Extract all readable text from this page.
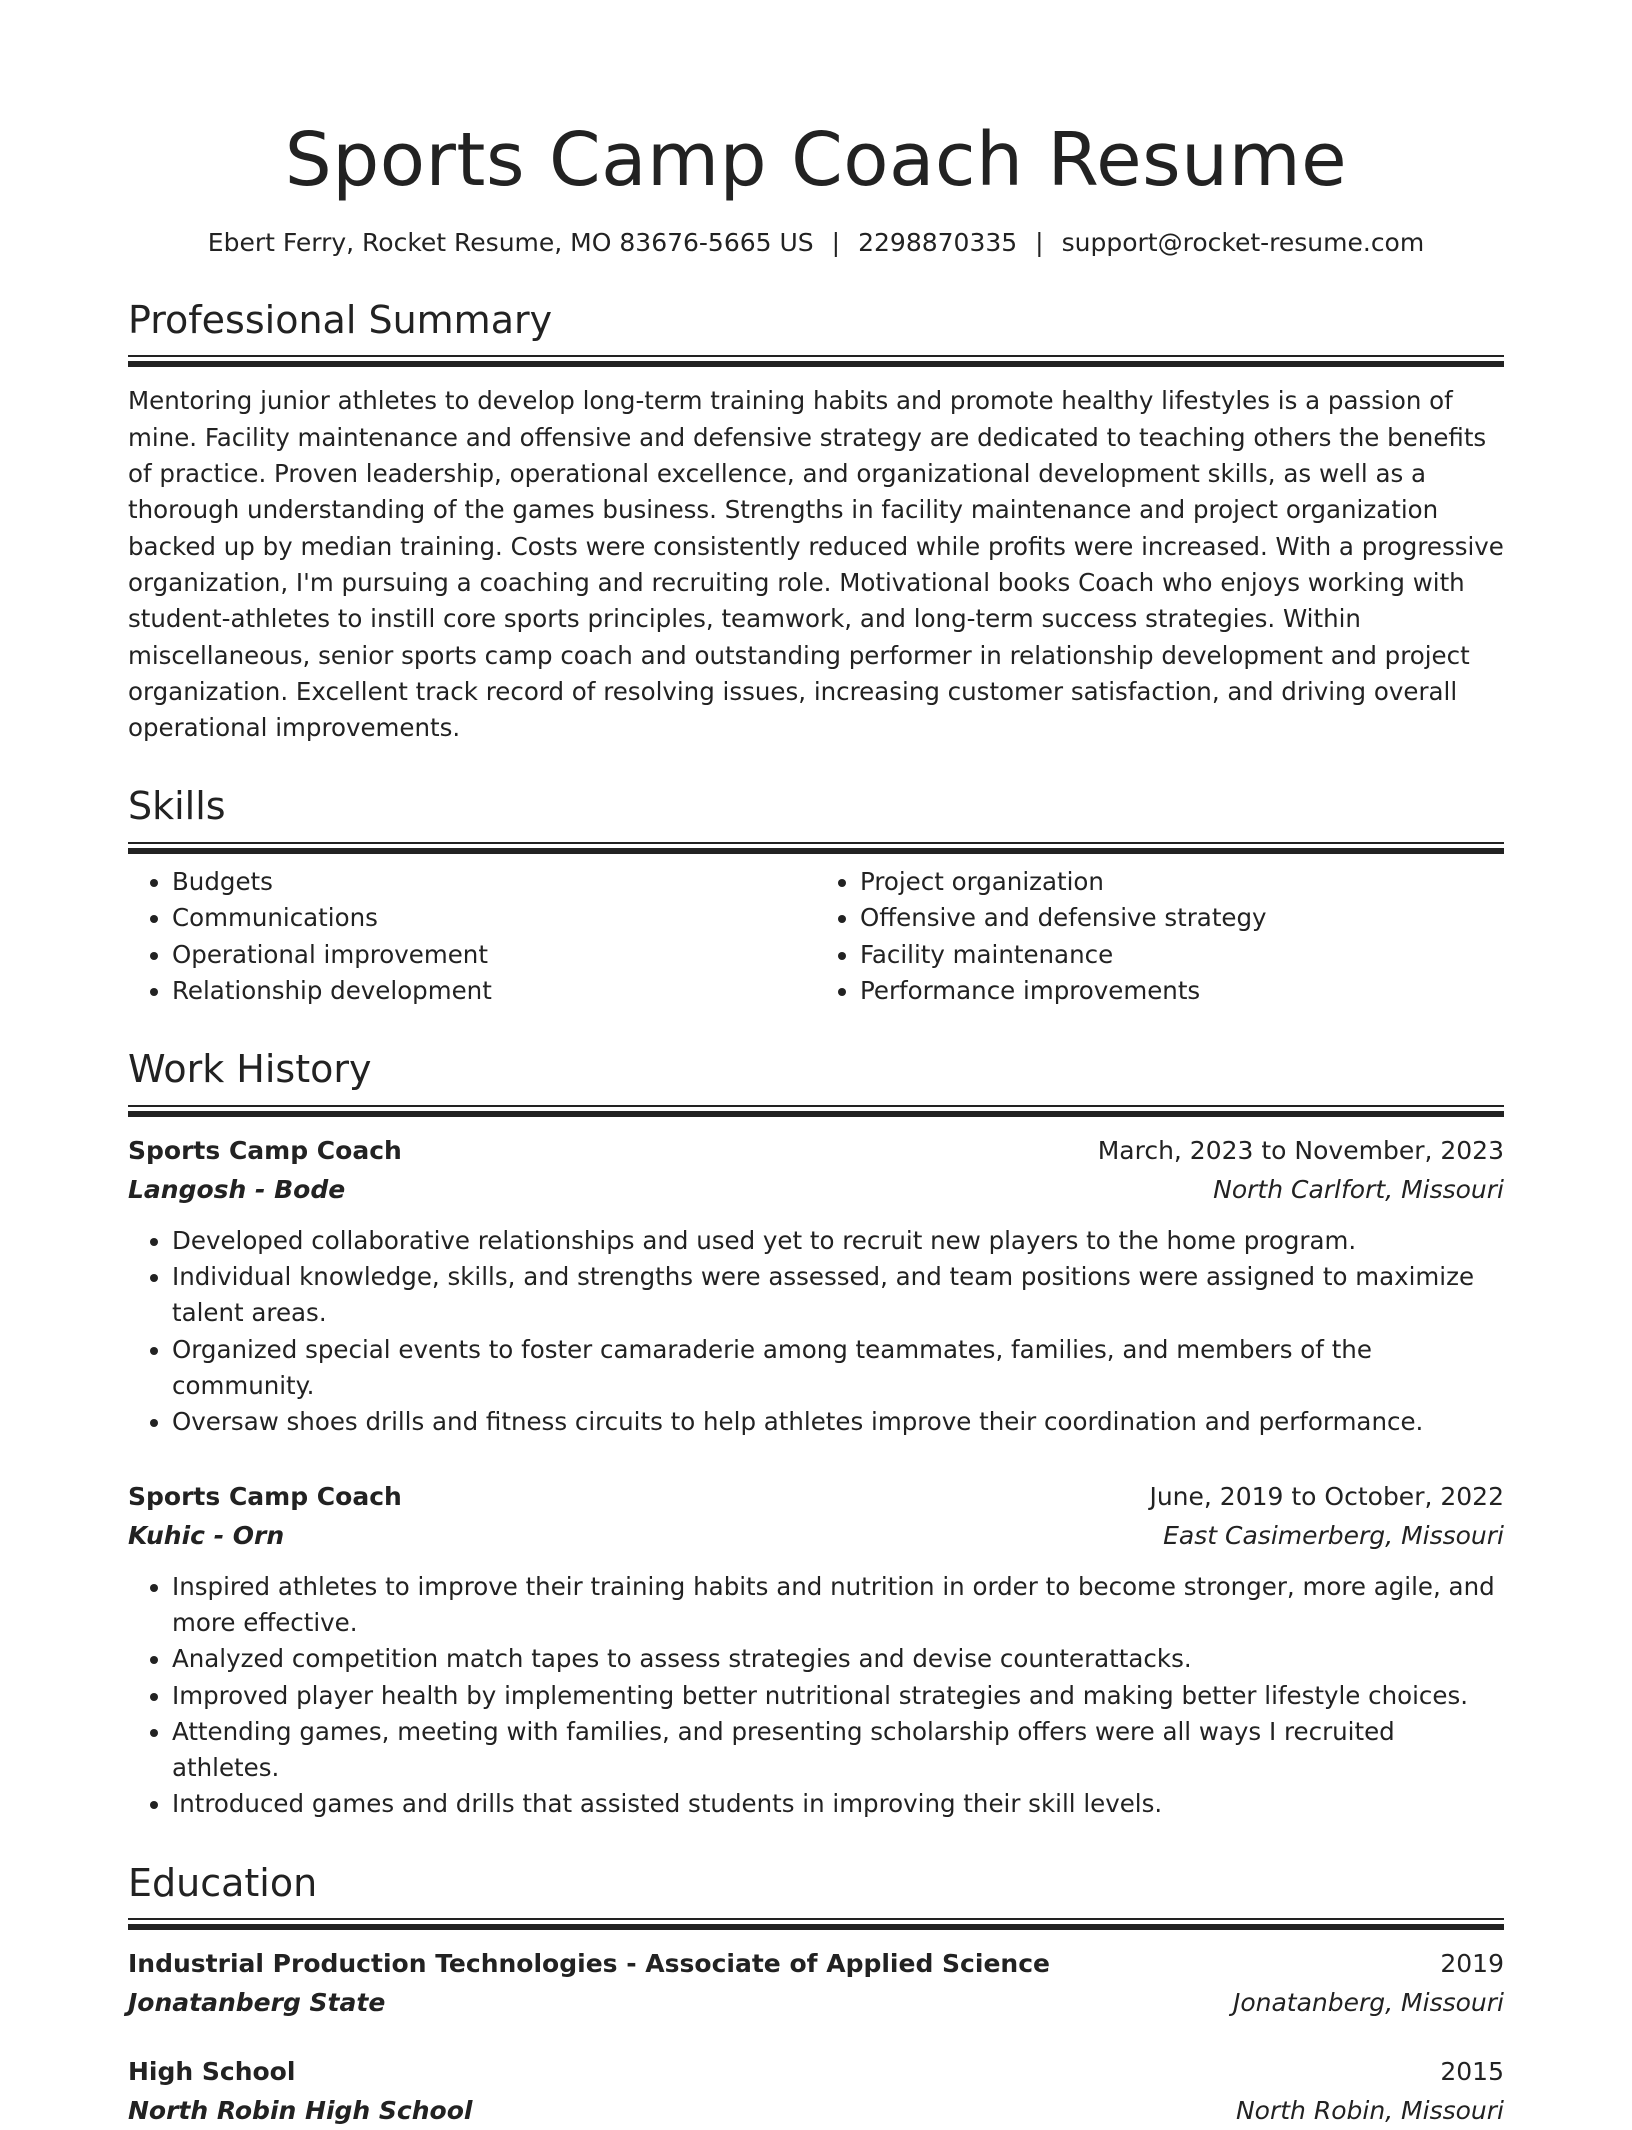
Sports Camp Coach Resume
Ebert Ferry, Rocket Resume, MO 83676-5665 US | 2298870335 | support@rocket-resume.com
Professional Summary
Mentoring junior athletes to develop long-term training habits and promote healthy lifestyles is a passion of mine. Facility maintenance and offensive and defensive strategy are dedicated to teaching others the benefits of practice. Proven leadership, operational excellence, and organizational development skills, as well as a thorough understanding of the games business. Strengths in facility maintenance and project organization backed up by median training. Costs were consistently reduced while profits were increased. With a progressive organization, I'm pursuing a coaching and recruiting role. Motivational books Coach who enjoys working with student-athletes to instill core sports principles, teamwork, and long-term success strategies. Within miscellaneous, senior sports camp coach and outstanding performer in relationship development and project organization. Excellent track record of resolving issues, increasing customer satisfaction, and driving overall operational improvements.
Skills
• Budgets
• Communications
• Operational improvement
• Relationship development
• Project organization
• Offensive and defensive strategy
• Facility maintenance
• Performance improvements
Work History
Sports Camp Coach	March, 2023 to November, 2023
Langosh - Bode	North Carlfort, Missouri
• Developed collaborative relationships and used yet to recruit new players to the home program.
• Individual knowledge, skills, and strengths were assessed, and team positions were assigned to maximize talent areas.
• Organized special events to foster camaraderie among teammates, families, and members of the community.
• Oversaw shoes drills and fitness circuits to help athletes improve their coordination and performance.
Sports Camp Coach	June, 2019 to October, 2022
Kuhic - Orn	East Casimerberg, Missouri
• Inspired athletes to improve their training habits and nutrition in order to become stronger, more agile, and more effective.
• Analyzed competition match tapes to assess strategies and devise counterattacks.
• Improved player health by implementing better nutritional strategies and making better lifestyle choices.
• Attending games, meeting with families, and presenting scholarship offers were all ways I recruited athletes.
• Introduced games and drills that assisted students in improving their skill levels.
Education
Industrial Production Technologies - Associate of Applied Science	2019
Jonatanberg State	Jonatanberg, Missouri
High School	2015
North Robin High School	North Robin, Missouri
